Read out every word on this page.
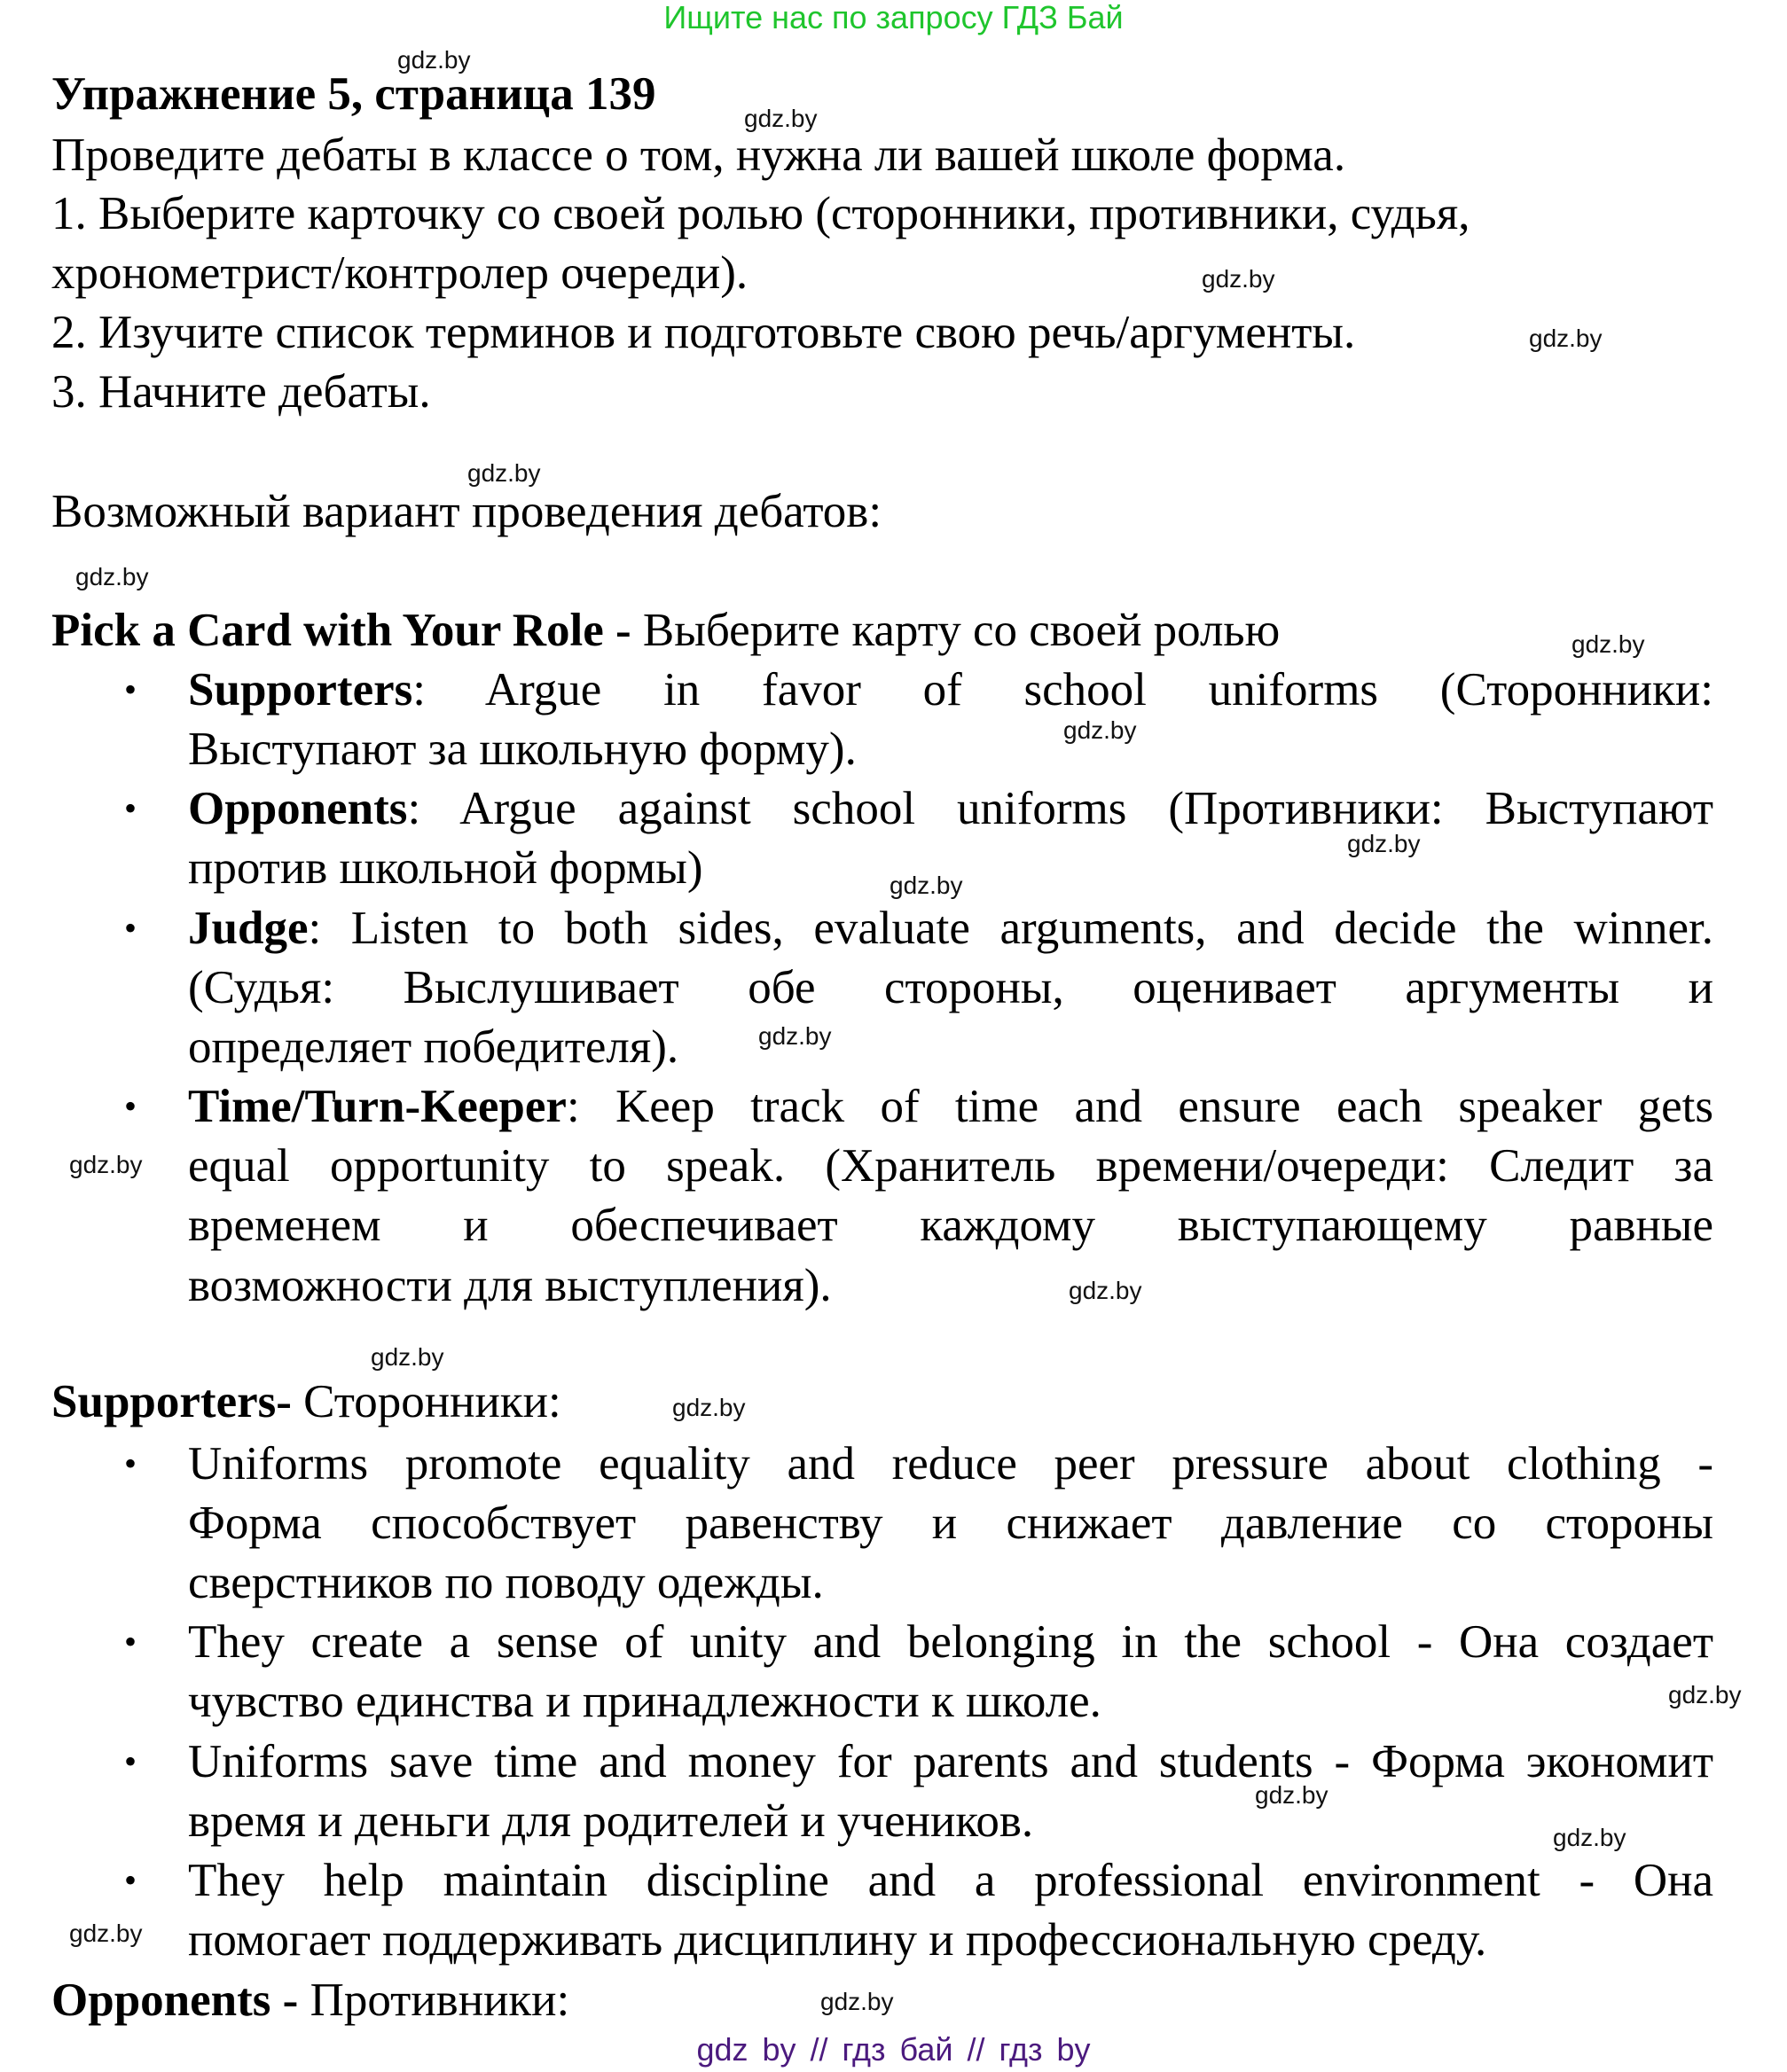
Ищите нас по запросу ГДЗ Бай
Упражнение 5, страница 139
Проведите дебаты в классе о том, нужна ли вашей школе форма.
1. Выберите карточку со своей ролью (сторонники, противники, судья,
хронометрист/контролер очереди).
2. Изучите список терминов и подготовьте свою речь/аргументы.
3. Начните дебаты.
Возможный вариант проведения дебатов:
Pick a Card with Your Role - Выберите карту со своей ролью
• Supporters: Argue in favor of school uniforms (Сторонники:
Выступают за школьную форму).
• Opponents: Argue against school uniforms (Противники: Выступают
против школьной формы)
• Judge: Listen to both sides, evaluate arguments, and decide the winner.
(Судья: Выслушивает обе стороны, оценивает аргументы и
определяет победителя).
• Time/Turn-Keeper: Keep track of time and ensure each speaker gets
equal opportunity to speak. (Хранитель времени/очереди: Следит за
временем и обеспечивает каждому выступающему равные
возможности для выступления).
Supporters- Сторонники:
• Uniforms promote equality and reduce peer pressure about clothing -
Форма способствует равенству и снижает давление со стороны
сверстников по поводу одежды.
• They create a sense of unity and belonging in the school - Она создает
чувство единства и принадлежности к школе.
• Uniforms save time and money for parents and students - Форма экономит
время и деньги для родителей и учеников.
• They help maintain discipline and a professional environment - Она
помогает поддерживать дисциплину и профессиональную среду.
Opponents - Противники:
gdz.by
gdz.by
gdz.by
gdz.by
gdz.by
gdz.by
gdz.by
gdz.by
gdz.by
gdz.by
gdz.by
gdz.by
gdz.by
gdz.by
gdz.by
gdz.by
gdz.by
gdz.by
gdz.by
gdz.by
gdz by // гдз бай // гдз by
